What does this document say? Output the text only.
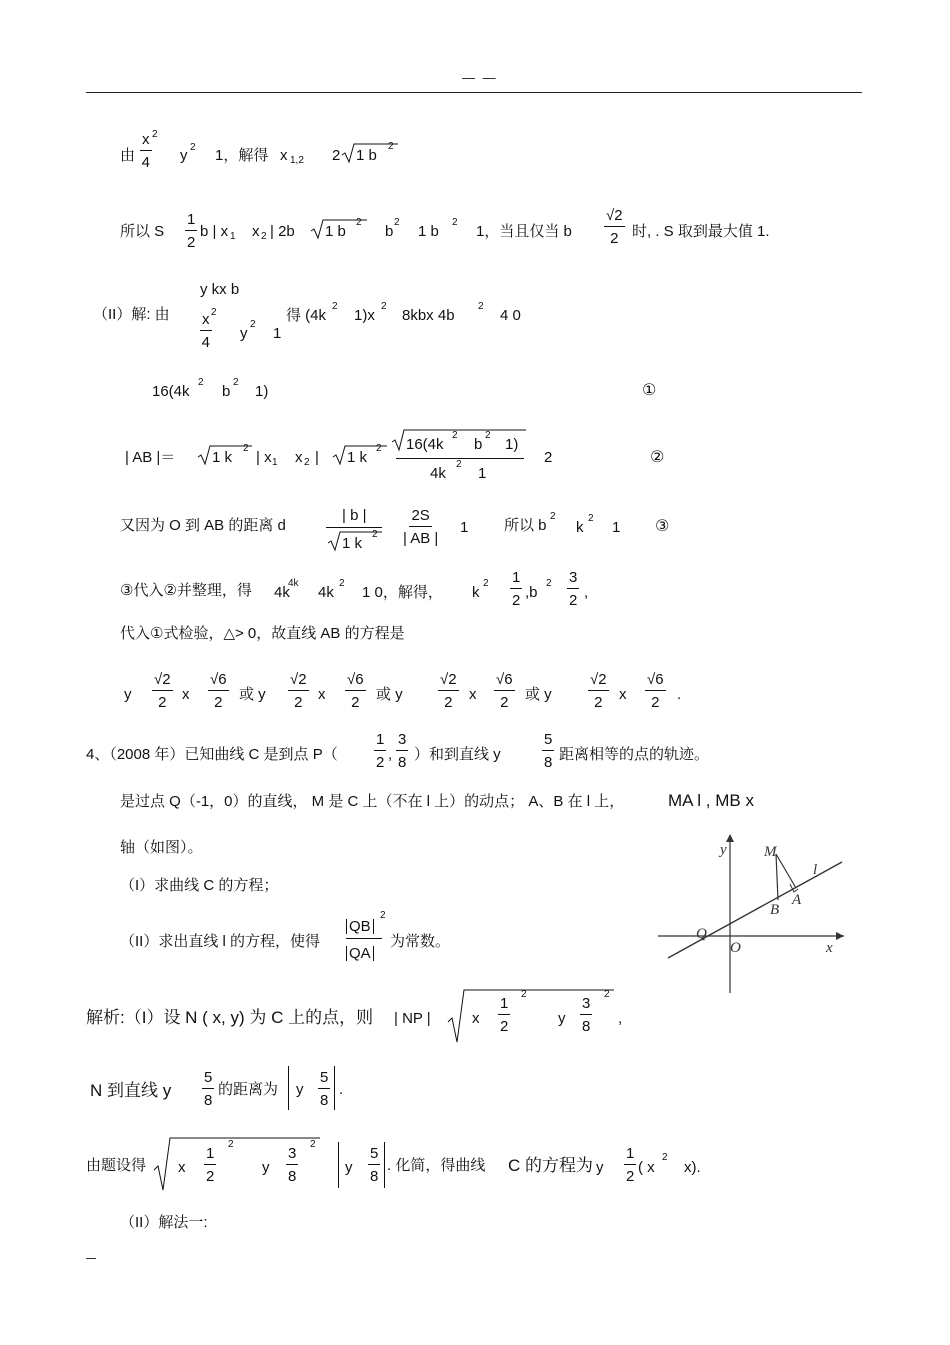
— —
由 $\frac{x}{4} 2$
y 2 1，解得 x 1,2 2 1 b
2
所以 S $\frac{1}{2}$ b | x 1 x 2 | 2b 1 b
2
b
2
1 b
2
1，当且仅当 b $\frac{√2}{2}$ 时, . S 取到最大值 1.
y kx b
（II）解: 由 $\frac{x}{4} 2$
y
2
1
得 (4k
2
1)x
2
8kbx 4b
2
4 0
16(4k
2
b
2
1)	①
| AB |＝ 1 k
2
| x 1 x 2 | 1 k
2 16(4k
2
b
2
1)
4k
2
1
2	②
又因为 O 到 AB 的距离 d
| b |
1 k
$2 \frac{2S}{| AB |} 1$ 所以 b
2
k
2
1 ③
③代入②并整理，得 4k
4k
4k
2
1 0，解得， k
$2 \frac{1}{2} ,b$
$2 \frac{3}{2}$ ,
代入①式检验，△> 0，故直线 AB 的方程是
y $\frac{√2}{2}$ x $\frac{√6}{2}$ 或 y $\frac{√2}{2}$ x $\frac{√6}{2}$ 或 y $\frac{√2}{2}$ x $\frac{√6}{2}$ 或 y $\frac{√2}{2}$ x $\frac{√6}{2}$ .
4、（2008 年）已知曲线 C 是到点 $P( \frac{1}{2}$ , $\frac{3}{8}$ ）和到直线 y	$\frac{5}{8}$ 距离相等的点的轨迹。
是过点 Q（-1，0）的直线， M 是 C 上（不在 l 上）的动点； A、B 在 l 上，	MA l , MB x
轴（如图）。
（I）求曲线 C 的方程；
（II）求出直线 l 的方程，使得
QB
2
QA
为常数。
y
x
O
Q
M
A
B
l
解析:（I）设 N ( x, y) 为 C 上的点，则 | NP |	x $\frac{1}{2}$
2
y $\frac{3}{8}$
2
,
N 到直线 y $\frac{5}{8}$ 的距离为 y $\frac{5}{8}$ .
由题设得 x $\frac{1}{2}$
2
y $\frac{3}{8}$
2
y $\frac{5}{8}$ . 化简，得曲线 C 的方程为 y $\frac{1}{2}$ ( x
2
x).
（II）解法一:
